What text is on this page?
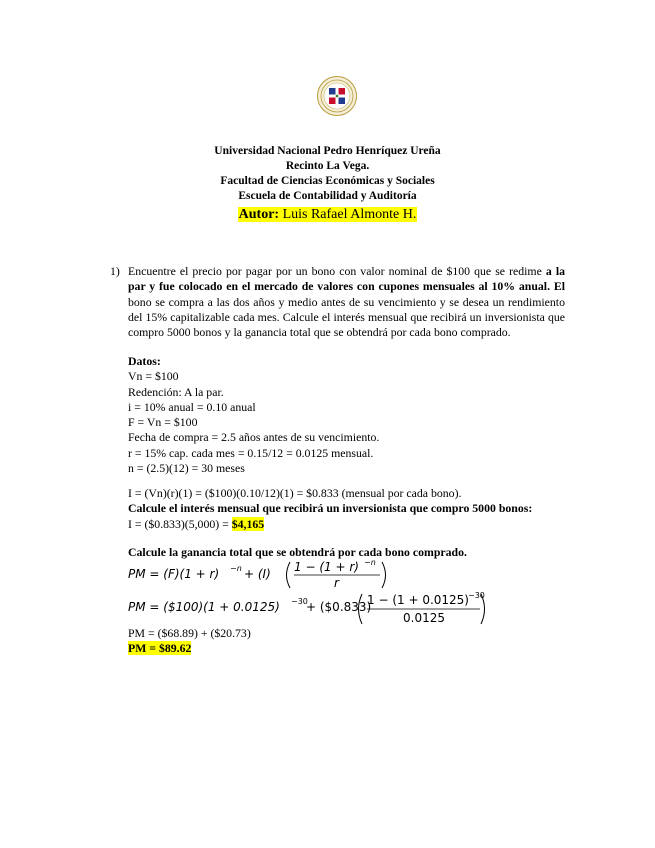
Universidad Nacional Pedro Henríquez Ureña
Recinto La Vega.
Facultad de Ciencias Económicas y Sociales
Escuela de Contabilidad y Auditoría
Autor: Luis Rafael Almonte H.
1) Encuentre el precio por pagar por un bono con valor nominal de $100 que se redime a la par y fue colocado en el mercado de valores con cupones mensuales al 10% anual. El bono se compra a las dos años y medio antes de su vencimiento y se desea un rendimiento del 15% capitalizable cada mes. Calcule el interés mensual que recibirá un inversionista que compro 5000 bonos y la ganancia total que se obtendrá por cada bono comprado.
Datos:
Vn = $100
Redención: A la par.
i = 10% anual = 0.10 anual
F = Vn = $100
Fecha de compra = 2.5 años antes de su vencimiento.
r = 15% cap. cada mes = 0.15/12 = 0.0125 mensual.
n = (2.5)(12) = 30 meses
I = (Vn)(r)(1) = ($100)(0.10/12)(1) = $0.833 (mensual por cada bono).
Calcule el interés mensual que recibirá un inversionista que compro 5000 bonos:
I = ($0.833)(5,000) = $4,165
Calcule la ganancia total que se obtendrá por cada bono comprado.
PM = (F)(1 + r) −n + (I) 1 − (1 + r) −n
r
PM = ($100)(1 + 0.0125) −30
+ ($0.833)
1 − (1 + 0.0125) −30
0.0125
PM = ($68.89) + ($20.73)
PM = $89.62
